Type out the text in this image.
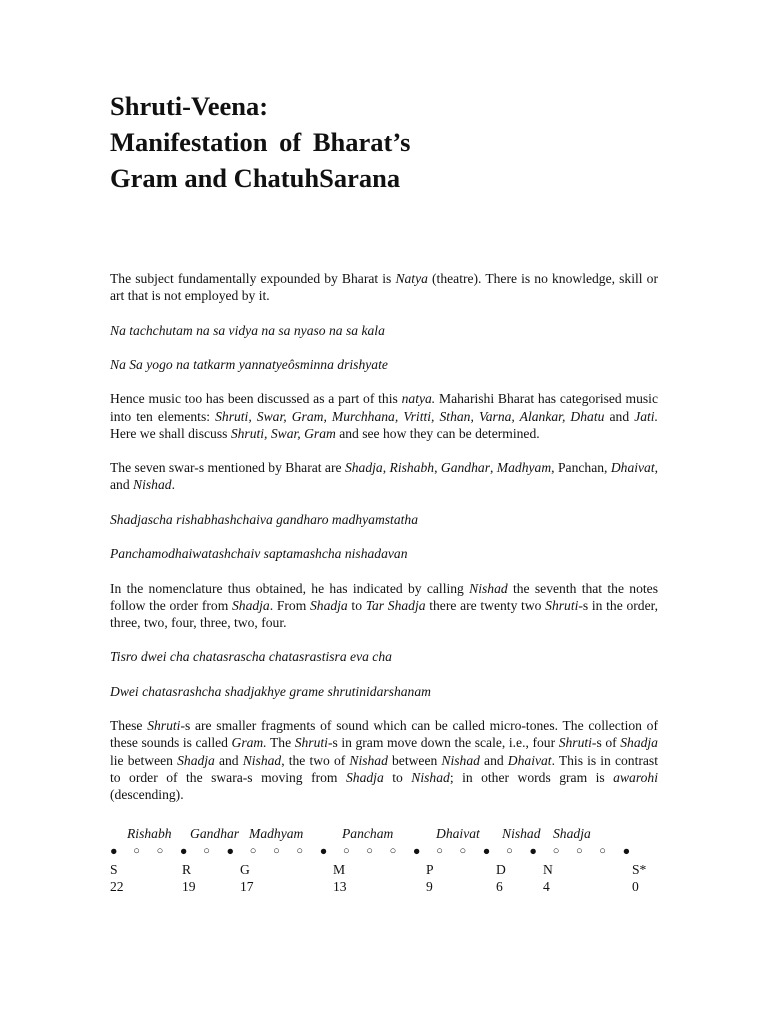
Shruti-Veena:
Manifestation of Bharat’s
Gram and ChatuhSarana

The subject fundamentally expounded by Bharat is Natya (theatre). There is no knowledge, skill or art that is not employed by it.

Na tachchutam na sa vidya na sa nyaso na sa kala

Na Sa yogo na tatkarm yannatyeôsminna drishyate

Hence music too has been discussed as a part of this natya. Maharishi Bharat has categorised music into ten elements: Shruti, Swar, Gram, Murchhana, Vritti, Sthan, Varna, Alankar, Dhatu and Jati. Here we shall discuss Shruti, Swar, Gram and see how they can be determined.

The seven swar-s mentioned by Bharat are Shadja, Rishabh, Gandhar, Madhyam, Panchan, Dhaivat, and Nishad.

Shadjascha rishabhashchaiva gandharo madhyamstatha

Panchamodhaiwatashchaiv saptamashcha nishadavan

In the nomenclature thus obtained, he has indicated by calling Nishad the seventh that the notes follow the order from Shadja. From Shadja to Tar Shadja there are twenty two Shruti-s in the order, three, two, four, three, two, four.

Tisro dwei cha chatasrascha chatasrastisra eva cha

Dwei chatasrashcha shadjakhye grame shrutinidarshanam

These Shruti-s are smaller fragments of sound which can be called micro-tones. The collection of these sounds is called Gram. The Shruti-s in gram move down the scale, i.e., four Shruti-s of Shadja lie between Shadja and Nishad, the two of Nishad between Nishad and Dhaivat. This is in contrast to order of the swara-s moving from Shadja to Nishad; in other words gram is awarohi (descending).

Rishabh Gandhar Madhyam	Pancham	Dhaivat Nishad Shadja
● ○ ○ ● ○ ● ○ ○ ○ ● ○ ○ ○ ● ○ ○ ● ○ ● ○ ○ ○ ●
S	R	G	M	P	D	N	S*
22	19	17	13	9	6	4	0
